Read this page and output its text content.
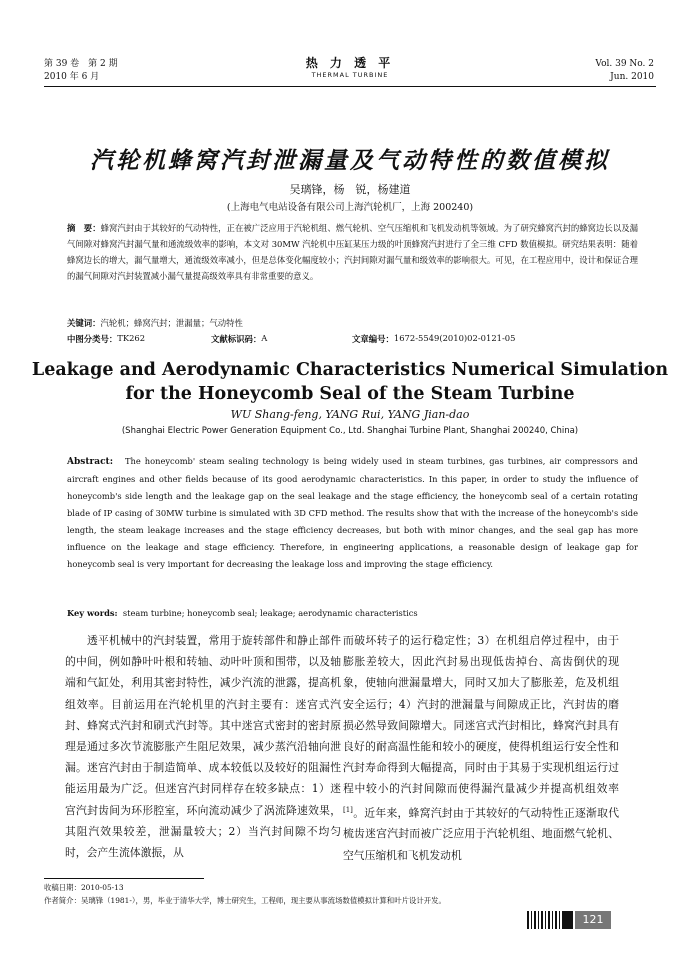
第 39 卷　第 2 期
2010 年 6 月
热 力 透 平
THERMAL TURBINE
Vol. 39 No. 2
Jun. 2010
汽轮机蜂窝汽封泄漏量及气动特性的数值模拟
吴璃锋，杨　锐，杨建道
(上海电气电站设备有限公司上海汽轮机厂，上海 200240)
摘　要：蜂窝汽封由于其较好的气动特性，正在被广泛应用于汽轮机组、燃气轮机、空气压缩机和飞机发动机等领域。为了研究蜂窝汽封的蜂窝边长以及漏气间隙对蜂窝汽封漏气量和通流级效率的影响，本文对 30MW 汽轮机中压缸某压力级的叶顶蜂窝汽封进行了全三维 CFD 数值模拟。研究结果表明：随着蜂窝边长的增大，漏气量增大，通流级效率减小，但是总体变化幅度较小；汽封间隙对漏气量和级效率的影响很大。可见，在工程应用中，设计和保证合理的漏气间隙对汽封装置减小漏气量提高级效率具有非常重要的意义。
关键词：汽轮机；蜂窝汽封；泄漏量；气动特性
中图分类号： TK262	文献标识码： A	文章编号： 1672-5549(2010)02-0121-05
Leakage and Aerodynamic Characteristics Numerical Simulation
for the Honeycomb Seal of the Steam Turbine
WU Shang-feng, YANG Rui, YANG Jian-dao
(Shanghai Electric Power Generation Equipment Co., Ltd. Shanghai Turbine Plant, Shanghai 200240, China)
Abstract: The honeycomb' steam sealing technology is being widely used in steam turbines, gas turbines, air compressors and aircraft engines and other fields because of its good aerodynamic characteristics. In this paper, in order to study the influence of honeycomb's side length and the leakage gap on the seal leakage and the stage efficiency, the honeycomb seal of a certain rotating blade of IP casing of 30MW turbine is simulated with 3D CFD method. The results show that with the increase of the honeycomb's side length, the steam leakage increases and the stage efficiency decreases, but both with minor changes, and the seal gap has more influence on the leakage and stage efficiency. Therefore, in engineering applications, a reasonable design of leakage gap for honeycomb seal is very important for decreasing the leakage loss and improving the stage efficiency.
Key words: steam turbine; honeycomb seal; leakage; aerodynamic characteristics
透平机械中的汽封装置，常用于旋转部件和静止部件的中间，例如静叶叶根和转轴、动叶叶顶和围带，以及轴端和气缸处，利用其密封特性，减少汽流的泄露，提高机组效率。目前运用在汽轮机里的汽封主要有：迷宫式汽封、蜂窝式汽封和刷式汽封等。其中迷宫式密封的密封原理是通过多次节流膨胀产生阻尼效果，减少蒸汽沿轴向泄漏。迷宫汽封由于制造简单、成本较低以及较好的阻漏性能运用最为广泛。但迷宫汽封同样存在较多缺点：1）迷宫汽封齿间为环形腔室，环向流动减少了涡流降速效果，其阻汽效果较差，泄漏量较大；2）当汽封间隙不均匀时，会产生流体激振，从
而破坏转子的运行稳定性；3）在机组启停过程中，由于膨胀差较大，因此汽封易出现低齿掉台、高齿倒伏的现象，使轴向泄漏量增大，同时又加大了膨胀差，危及机组安全运行；4）汽封的泄漏量与间隙成正比，汽封齿的磨损必然导致间隙增大。同迷宫式汽封相比，蜂窝汽封具有良好的耐高温性能和较小的硬度，使得机组运行安全性和汽封寿命得到大幅提高，同时由于其易于实现机组运行过程中较小的汽封间隙而使得漏汽量减少并提高机组效率[1]。近年来，蜂窝汽封由于其较好的气动特性正逐渐取代梳齿迷宫汽封而被广泛应用于汽轮机组、地面燃气轮机、空气压缩机和飞机发动机
收稿日期：2010-05-13
作者简介：吴璃锋（1981-），男，毕业于清华大学，博士研究生，工程师，现主要从事流场数值模拟计算和叶片设计开发。
121
